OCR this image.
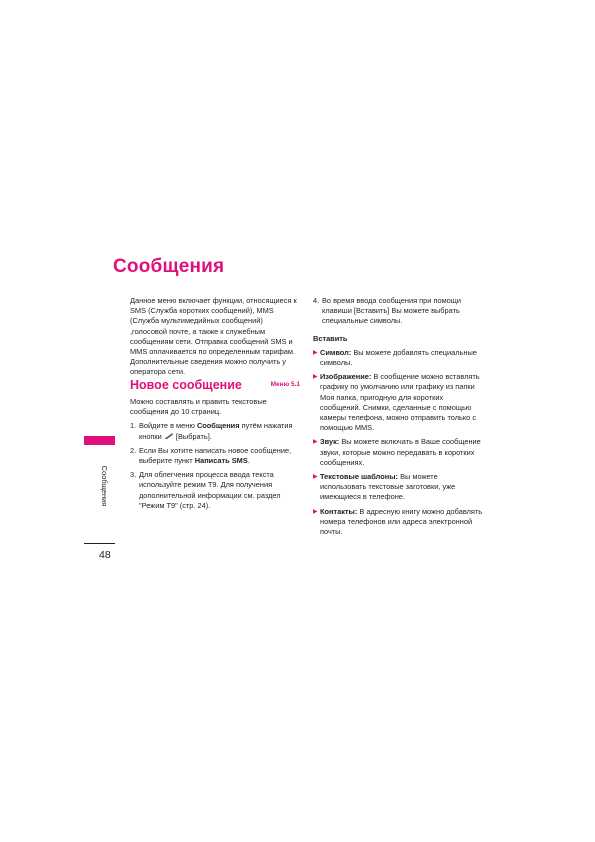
Сообщения
Данное меню включает функции, относящиеся к SMS (Служба коротких сообщений), MMS (Служба мультимедийных сообщений) ,голосовой почте, а также к служебным сообщениям сети. Отправка сообщений SMS и MMS оплачивается по определенным тарифам. Дополнительные сведения можно получить у оператора сети.
Новое сообщение	Меню 5.1

Можно составлять и править текстовые сообщения до 10 страниц.

1. Войдите в меню Сообщения путём нажатия кнопки [Выбрать].
2. Если Вы хотите написать новое сообщение, выберите пункт Написать SMS.
3. Для облегчения процесса ввода текста используйте режим T9. Для получения дополнительной информации см. раздел "Режим T9" (стр. 24).
4. Во время ввода сообщения при помощи клавиши [Вставить] Вы можете выбрать специальные символы.
Вставить
▶ Символ: Вы можете добавлять специальные символы.
▶ Изображение: В сообщение можно вставлять графику по умолчанию или графику из папки Моя папка, пригодную для коротких сообщений. Снимки, сделанные с помощью камеры телефона, можно отправить только с помощью MMS.
▶ Звук: Вы можете включать в Ваше сообщение звуки, которые можно передавать в коротких сообщениях.
▶ Текстовые шаблоны: Вы можете использовать текстовые заготовки, уже имеющиеся в телефоне.
▶ Контакты: В адресную книгу можно добавлять номера телефонов или адреса электронной почты.
Сообщения
48
